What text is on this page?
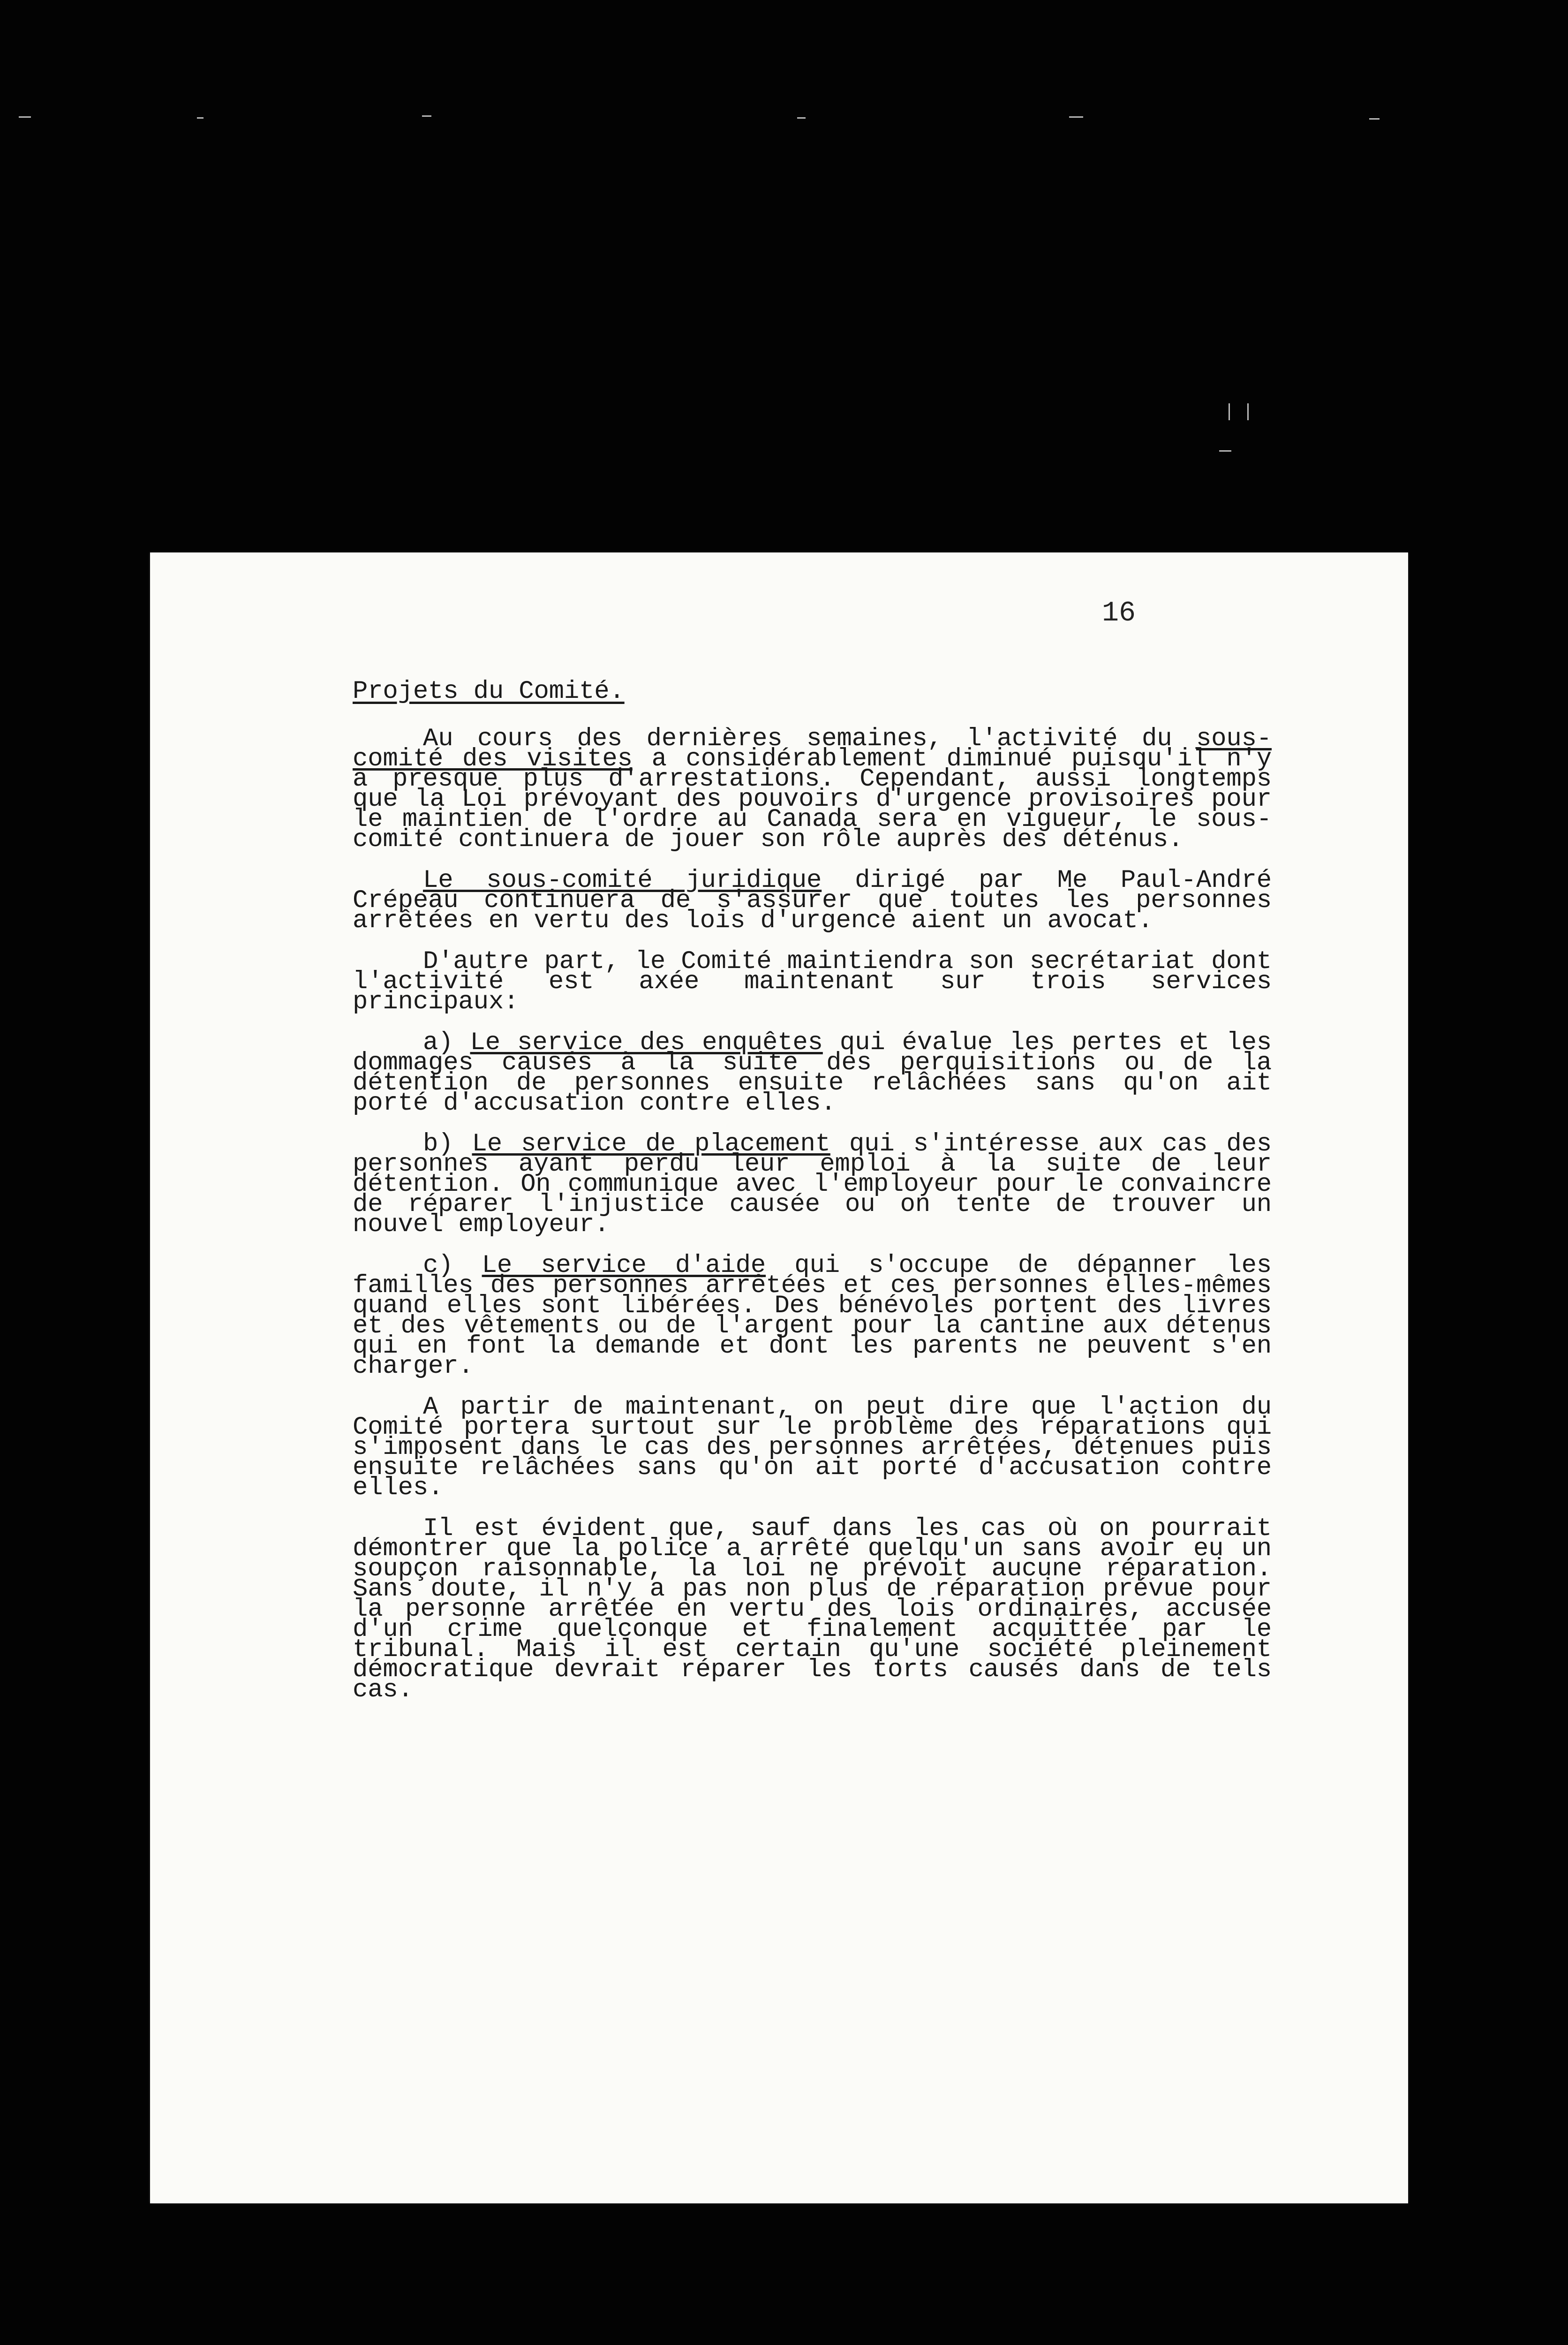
16
Projets du Comité.

Au cours des dernières semaines, l'activité du sous-comité des visites a considérablement diminué puisqu'il n'y a presque plus d'arrestations. Cependant, aussi longtemps que la Loi prévoyant des pouvoirs d'urgence provisoires pour le maintien de l'ordre au Canada sera en vigueur, le sous-comité continuera de jouer son rôle auprès des détenus.

Le sous-comité juridique dirigé par Me Paul-André Crépeau continuera de s'assurer que toutes les personnes arrêtées en vertu des lois d'urgence aient un avocat.

D'autre part, le Comité maintiendra son secrétariat dont l'activité est axée maintenant sur trois services principaux:

a) Le service des enquêtes qui évalue les pertes et les dommages causés à la suite des perquisitions ou de la détention de personnes ensuite relâchées sans qu'on ait porté d'accusation contre elles.

b) Le service de placement qui s'intéresse aux cas des personnes ayant perdu leur emploi à la suite de leur détention. On communique avec l'employeur pour le convaincre de réparer l'injustice causée ou on tente de trouver un nouvel employeur.

c) Le service d'aide qui s'occupe de dépanner les familles des personnes arrêtées et ces personnes elles-mêmes quand elles sont libérées. Des bénévoles portent des livres et des vêtements ou de l'argent pour la cantine aux détenus qui en font la demande et dont les parents ne peuvent s'en charger.

A partir de maintenant, on peut dire que l'action du Comité portera surtout sur le problème des réparations qui s'imposent dans le cas des personnes arrêtées, détenues puis ensuite relâchées sans qu'on ait porté d'accusation contre elles.

Il est évident que, sauf dans les cas où on pourrait démontrer que la police a arrêté quelqu'un sans avoir eu un soupçon raisonnable, la loi ne prévoit aucune réparation. Sans doute, il n'y a pas non plus de réparation prévue pour la personne arrêtée en vertu des lois ordinaires, accusée d'un crime quelconque et finalement acquittée par le tribunal. Mais il est certain qu'une société pleinement démocratique devrait réparer les torts causés dans de tels cas.
